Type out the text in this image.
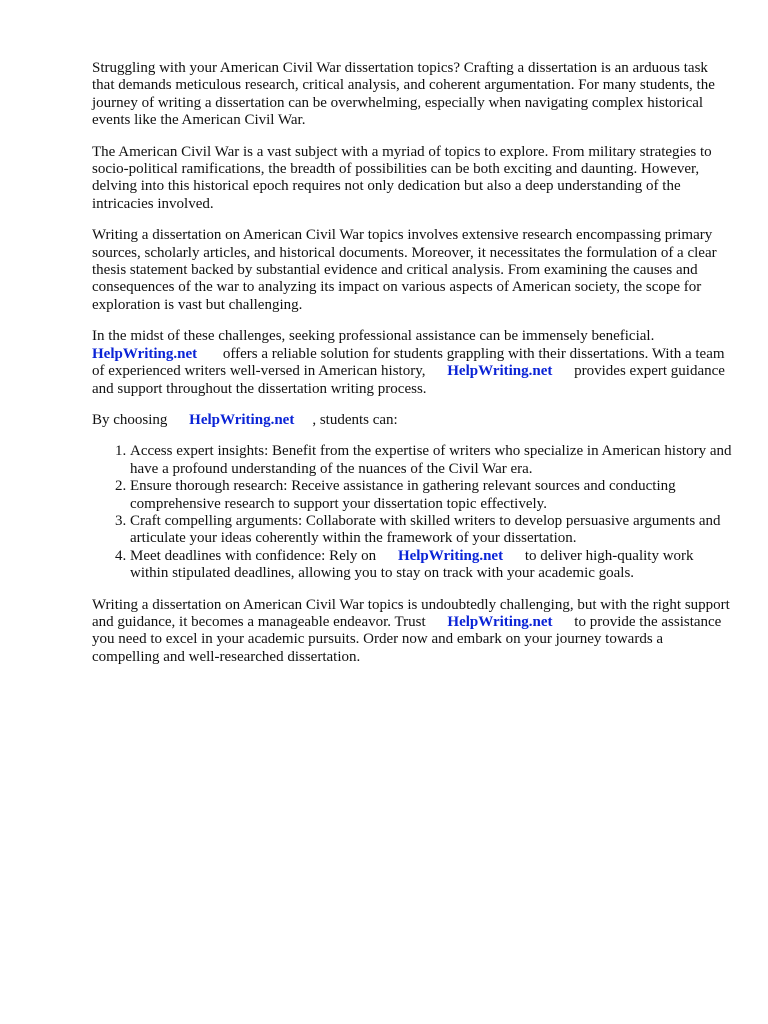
Struggling with your American Civil War dissertation topics? Crafting a dissertation is an arduous task that demands meticulous research, critical analysis, and coherent argumentation. For many students, the journey of writing a dissertation can be overwhelming, especially when navigating complex historical events like the American Civil War.

The American Civil War is a vast subject with a myriad of topics to explore. From military strategies to socio-political ramifications, the breadth of possibilities can be both exciting and daunting. However, delving into this historical epoch requires not only dedication but also a deep understanding of the intricacies involved.

Writing a dissertation on American Civil War topics involves extensive research encompassing primary sources, scholarly articles, and historical documents. Moreover, it necessitates the formulation of a clear thesis statement backed by substantial evidence and critical analysis. From examining the causes and consequences of the war to analyzing its impact on various aspects of American society, the scope for exploration is vast but challenging.

In the midst of these challenges, seeking professional assistance can be immensely beneficial.
HelpWriting.net offers a reliable solution for students grappling with their dissertations. With a team of experienced writers well-versed in American history, HelpWriting.net provides expert guidance and support throughout the dissertation writing process.

By choosing HelpWriting.net , students can:

1. Access expert insights: Benefit from the expertise of writers who specialize in American history and have a profound understanding of the nuances of the Civil War era.
2. Ensure thorough research: Receive assistance in gathering relevant sources and conducting comprehensive research to support your dissertation topic effectively.
3. Craft compelling arguments: Collaborate with skilled writers to develop persuasive arguments and articulate your ideas coherently within the framework of your dissertation.
4. Meet deadlines with confidence: Rely on HelpWriting.net to deliver high-quality work within stipulated deadlines, allowing you to stay on track with your academic goals.

Writing a dissertation on American Civil War topics is undoubtedly challenging, but with the right support and guidance, it becomes a manageable endeavor. Trust HelpWriting.net to provide the assistance you need to excel in your academic pursuits. Order now and embark on your journey towards a compelling and well-researched dissertation.
